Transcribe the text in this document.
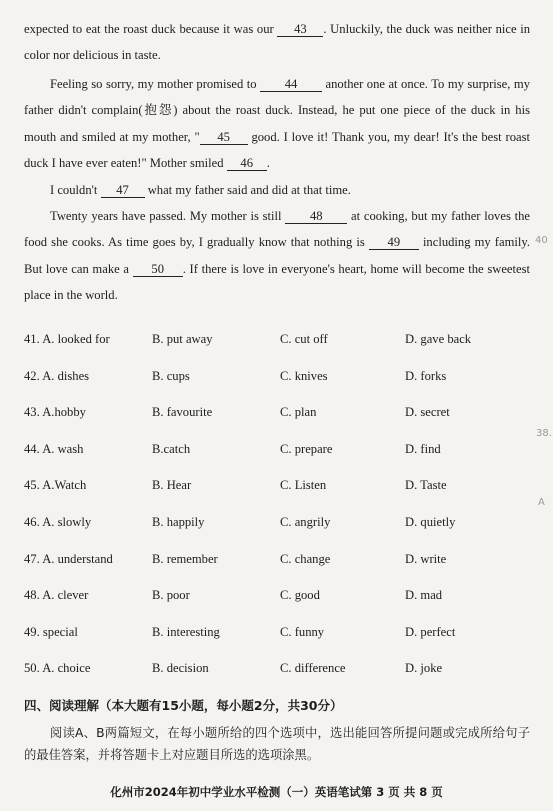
expected to eat the roast duck because it was our 43 . Unluckily, the duck was neither nice in color nor delicious in taste.

Feeling so sorry, my mother promised to 44 another one at once. To my surprise, my father didn't complain(抱怨) about the roast duck. Instead, he put one piece of the duck in his mouth and smiled at my mother, " 45 good. I love it! Thank you, my dear! It's the best roast duck I have ever eaten!" Mother smiled 46 .

I couldn't 47 what my father said and did at that time.

Twenty years have passed. My mother is still 48 at cooking, but my father loves the food she cooks. As time goes by, I gradually know that nothing is 49 including my family. But love can make a 50 . If there is love in everyone's heart, home will become the sweetest place in the world.

41. A. looked for	B. put away	C. cut off	D. gave back
42. A. dishes	B. cups	C. knives	D. forks
43. A.hobby	B. favourite	C. plan	D. secret
44. A. wash	B.catch	C. prepare	D. find
45. A.Watch	B. Hear	C. Listen	D. Taste
46. A. slowly	B. happily	C. angrily	D. quietly
47. A. understand	B. remember	C. change	D. write
48. A. clever	B. poor	C. good	D. mad
49. special	B. interesting	C. funny	D. perfect
50. A. choice	B. decision	C. difference	D. joke
四、阅读理解（本大题有15小题，每小题2分，共30分）
阅读A、B两篇短文，在每小题所给的四个选项中，选出能回答所提问题或完成所给句子的最佳答案，并将答题卡上对应题目所选的选项涂黑。
化州市2024年初中学业水平检测（一）英语笔试第 3 页 共 8 页
38.
A
40
